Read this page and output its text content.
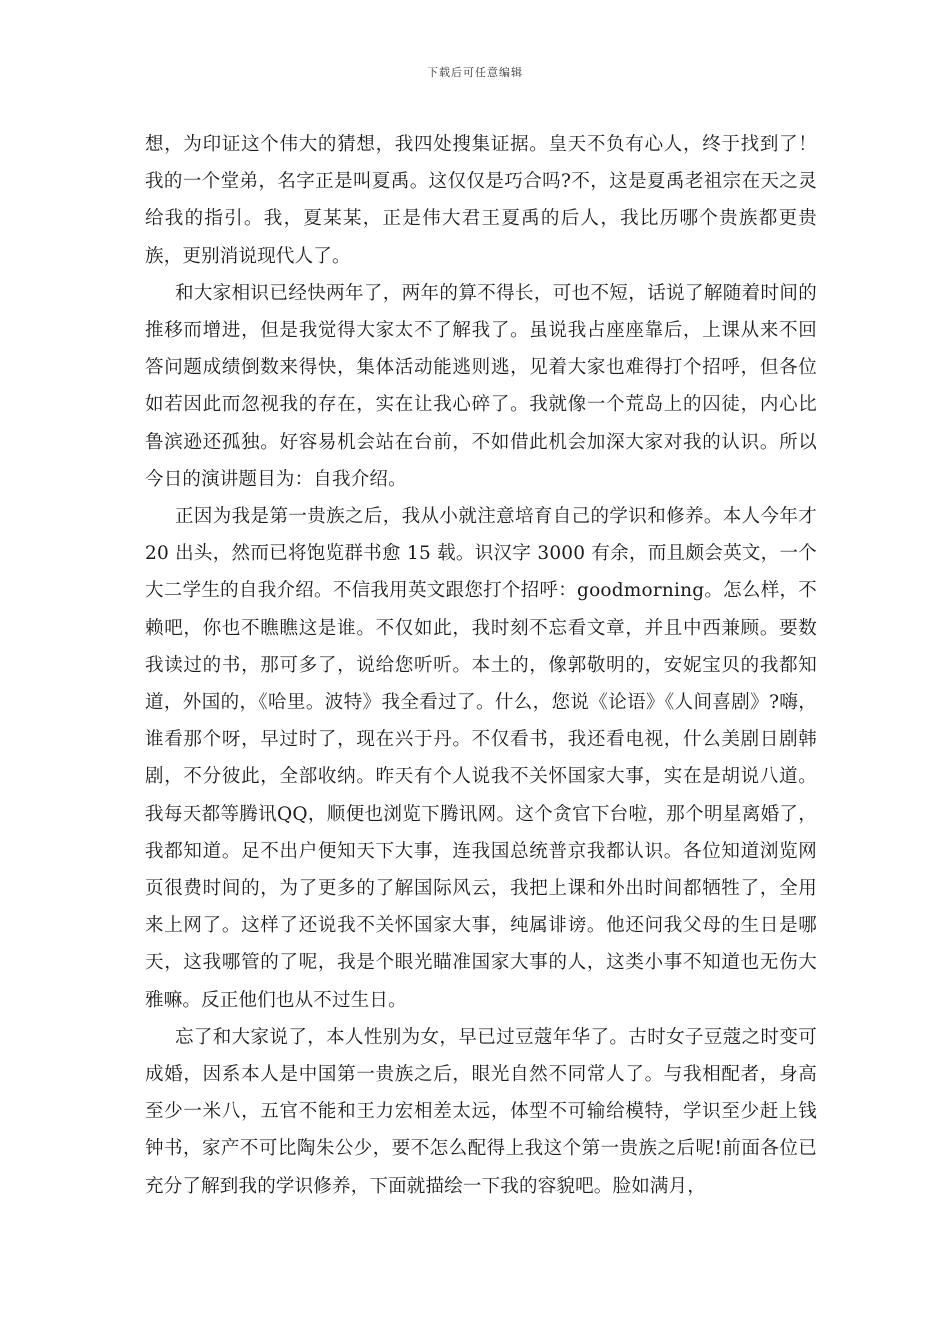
下载后可任意编辑

想，为印证这个伟大的猜想，我四处搜集证据。皇天不负有心人，终于找到了！我的一个堂弟，名字正是叫夏禹。这仅仅是巧合吗?不，这是夏禹老祖宗在天之灵给我的指引。我，夏某某，正是伟大君王夏禹的后人，我比历哪个贵族都更贵族，更别消说现代人了。

和大家相识已经快两年了，两年的算不得长，可也不短，话说了解随着时间的推移而增进，但是我觉得大家太不了解我了。虽说我占座座靠后，上课从来不回答问题成绩倒数来得快，集体活动能逃则逃，见着大家也难得打个招呼，但各位如若因此而忽视我的存在，实在让我心碎了。我就像一个荒岛上的囚徒，内心比鲁滨逊还孤独。好容易机会站在台前，不如借此机会加深大家对我的认识。所以今日的演讲题目为：自我介绍。

正因为我是第一贵族之后，我从小就注意培育自己的学识和修养。本人今年才 20 出头，然而已将饱览群书愈 15 载。识汉字 3000 有余，而且颇会英文，一个大二学生的自我介绍。不信我用英文跟您打个招呼：goodmorning。怎么样，不赖吧，你也不瞧瞧这是谁。不仅如此，我时刻不忘看文章，并且中西兼顾。要数我读过的书，那可多了，说给您听听。本土的，像郭敬明的，安妮宝贝的我都知道，外国的，《哈里。波特》我全看过了。什么，您说《论语》《人间喜剧》?嗨，谁看那个呀，早过时了，现在兴于丹。不仅看书，我还看电视，什么美剧日剧韩剧，不分彼此，全部收纳。昨天有个人说我不关怀国家大事，实在是胡说八道。我每天都等腾讯QQ，顺便也浏览下腾讯网。这个贪官下台啦，那个明星离婚了，我都知道。足不出户便知天下大事，连我国总统普京我都认识。各位知道浏览网页很费时间的，为了更多的了解国际风云，我把上课和外出时间都牺牲了，全用来上网了。这样了还说我不关怀国家大事，纯属诽谤。他还问我父母的生日是哪天，这我哪管的了呢，我是个眼光瞄准国家大事的人，这类小事不知道也无伤大雅嘛。反正他们也从不过生日。

忘了和大家说了，本人性别为女，早已过豆蔻年华了。古时女子豆蔻之时变可成婚，因系本人是中国第一贵族之后，眼光自然不同常人了。与我相配者，身高至少一米八，五官不能和王力宏相差太远，体型不可输给模特，学识至少赶上钱钟书，家产不可比陶朱公少，要不怎么配得上我这个第一贵族之后呢!前面各位已充分了解到我的学识修养，下面就描绘一下我的容貌吧。脸如满月，
